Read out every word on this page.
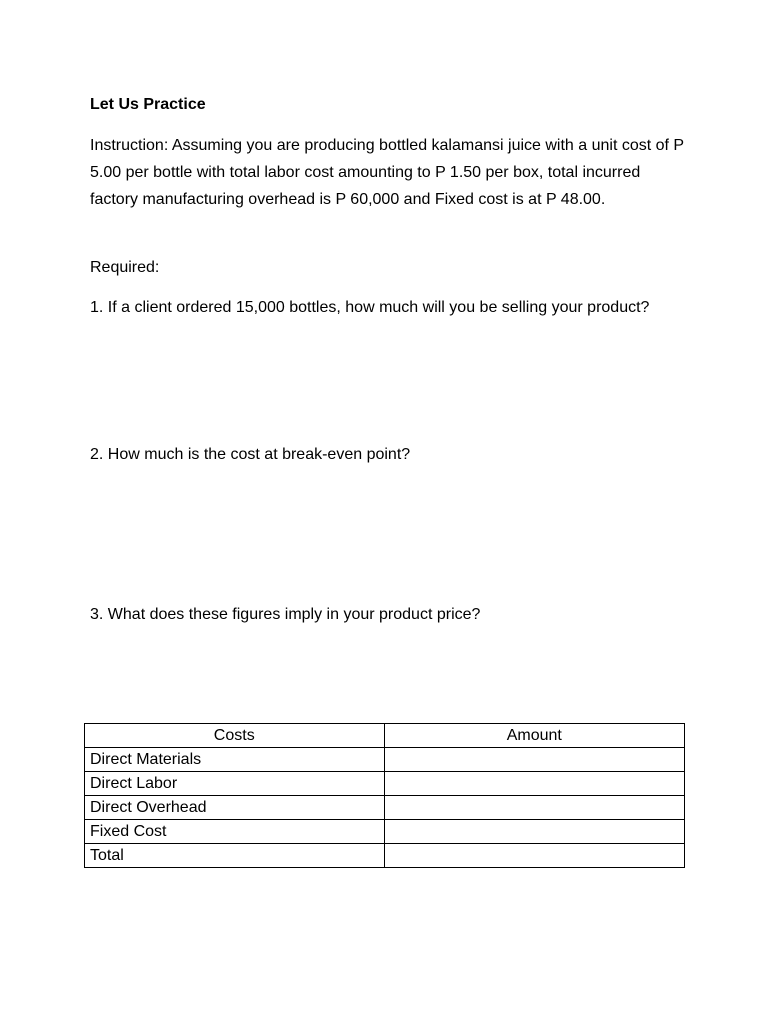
Let Us Practice

Instruction: Assuming you are producing bottled kalamansi juice with a unit cost of P 5.00 per bottle with total labor cost amounting to P 1.50 per box, total incurred factory manufacturing overhead is P 60,000 and Fixed cost is at P 48.00.

Required:

1. If a client ordered 15,000 bottles, how much will you be selling your product?

2. How much is the cost at break-even point?

3. What does these figures imply in your product price?

Costs	Amount
Direct Materials	
Direct Labor	
Direct Overhead	
Fixed Cost	
Total	
